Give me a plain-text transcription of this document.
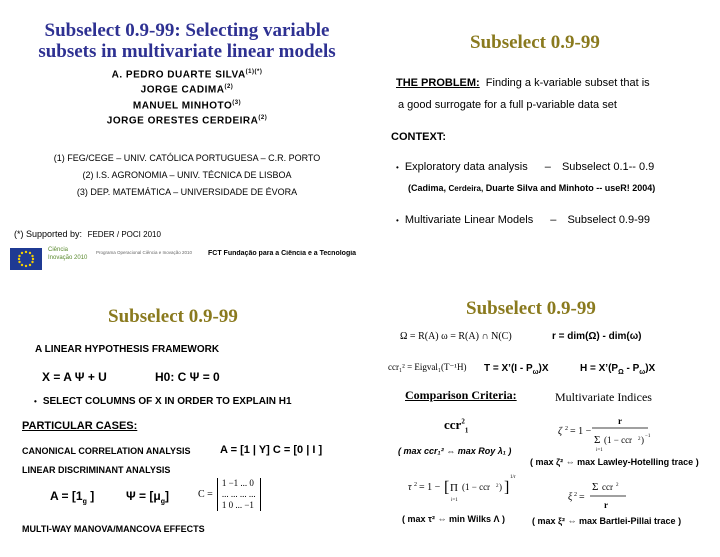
Subselect 0.9-99: Selecting variable
subsets in multivariate linear models
A. PEDRO DUARTE $SILVA^{(1)(*)}$
JORGE CADIMA$^{(2)}$
MANUEL MINHOTO$^{(3)}$
JORGE ORESTES CERDEIRA$^{(2)}$
(1) FEG/CEGE – UNIV. CATÓLICA PORTUGUESA – C.R. PORTO
(2) I.S. AGRONOMIA – UNIV. TÉCNICA DE LISBOA
(3) DEP. MATEMÁTICA – UNIVERSIDADE DE ÉVORA
(*) Supported by: FEDER / POCI 2010
Ciência Inovação 2010
Programa Operacional Ciência e Inovação 2010	FCT Fundação para a Ciência e a Tecnologia
Subselect 0.9-99
THE PROBLEM: Finding a k-variable subset that is
a good surrogate for a full p-variable data set
CONTEXT:
• Exploratory data analysis – Subselect 0.1-- 0.9
(Cadima, Cerdeira, Duarte Silva and Minhoto -- useR! 2004)
• Multivariate Linear Models – Subselect 0.9-99
Subselect 0.9-99
A LINEAR HYPOTHESIS FRAMEWORK
X = A Ψ + U	H0: C Ψ = 0
• SELECT COLUMNS OF X IN ORDER TO EXPLAIN H1
PARTICULAR CASES:
CANONICAL CORRELATION ANALYSIS	A = [1 | Y] C = [0 | I ]
LINEAR DISCRIMINANT ANALYSIS
$A = [1_g$ ]	$\Psi = [\mu_g]$	C =
1 −1 ... 0
... ... ... ...
1 0 ... −1
MULTI-WAY MANOVA/MANCOVA EFFECTS
Subselect 0.9-99
Ω = R(A) ω = R(A) ∩ N(C)	r = dim(Ω) - dim(ω)
ccr₁² = Eigval₁(T⁻¹H) T = X’(I - $P_\omega)X$	$H = X’(P_\Omega - P_\omega)X$
Comparison Criteria:	Multivariate Indices
ccr$^2_1$	ζ 2 = 1 −
r
Σ (1 − ccr 2 ) −1
i=1
( max ccr₁² ⇔ max Roy λ₁ )
( max ζ² ⇔ max Lawley-Hotelling trace )
τ 2 = 1 − [ Π (1 − ccr 2 ) ]
1/r
i=1	ξ 2 =
Σ ccr 2
r
( max τ² ⇔ min Wilks Λ )	( max ξ² ⇔ max Bartlei-Pillai trace )
